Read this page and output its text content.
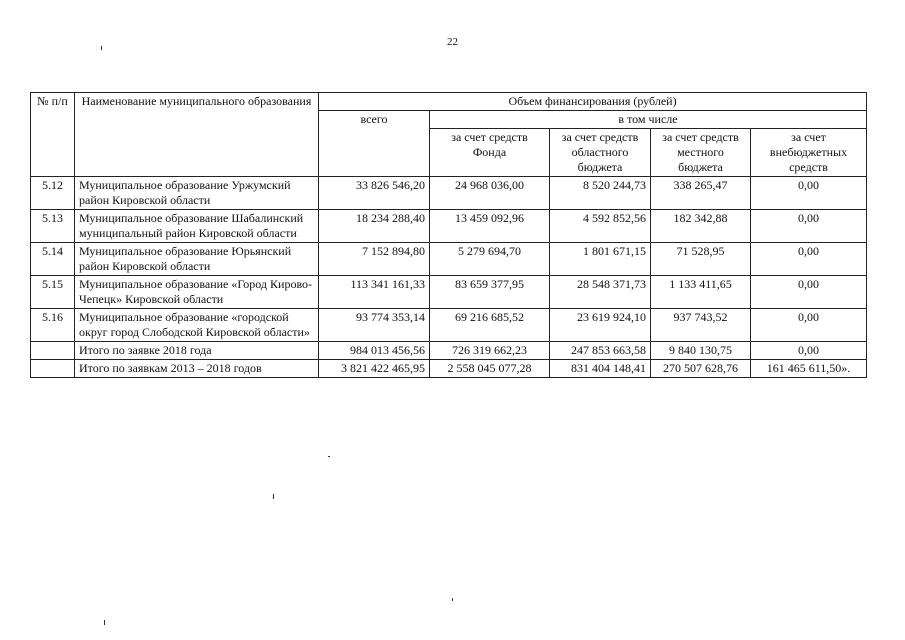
22
№ п/п	Наименование муниципального образования	Объем финансирования (рублей)				
		всего	в том числе			
			за счет средств Фонда	за счет средств областного бюджета	за счет средств местного бюджета	за счет внебюджетных средств
5.12	Муниципальное образование Уржумский район Кировской области	33 826 546,20	24 968 036,00	8 520 244,73	338 265,47	0,00
5.13	Муниципальное образование Шабалинский муниципальный район Кировской области	18 234 288,40	13 459 092,96	4 592 852,56	182 342,88	0,00
5.14	Муниципальное образование Юрьянский район Кировской области	7 152 894,80	5 279 694,70	1 801 671,15	71 528,95	0,00
5.15	Муниципальное образование «Город Кирово-Чепецк» Кировской области	113 341 161,33	83 659 377,95	28 548 371,73	1 133 411,65	0,00
5.16	Муниципальное образование «городской округ город Слободской Кировской области»	93 774 353,14	69 216 685,52	23 619 924,10	937 743,52	0,00
	Итого по заявке 2018 года	984 013 456,56	726 319 662,23	247 853 663,58	9 840 130,75	0,00
	Итого по заявкам 2013 – 2018 годов	3 821 422 465,95	2 558 045 077,28	831 404 148,41	270 507 628,76	161 465 611,50».
